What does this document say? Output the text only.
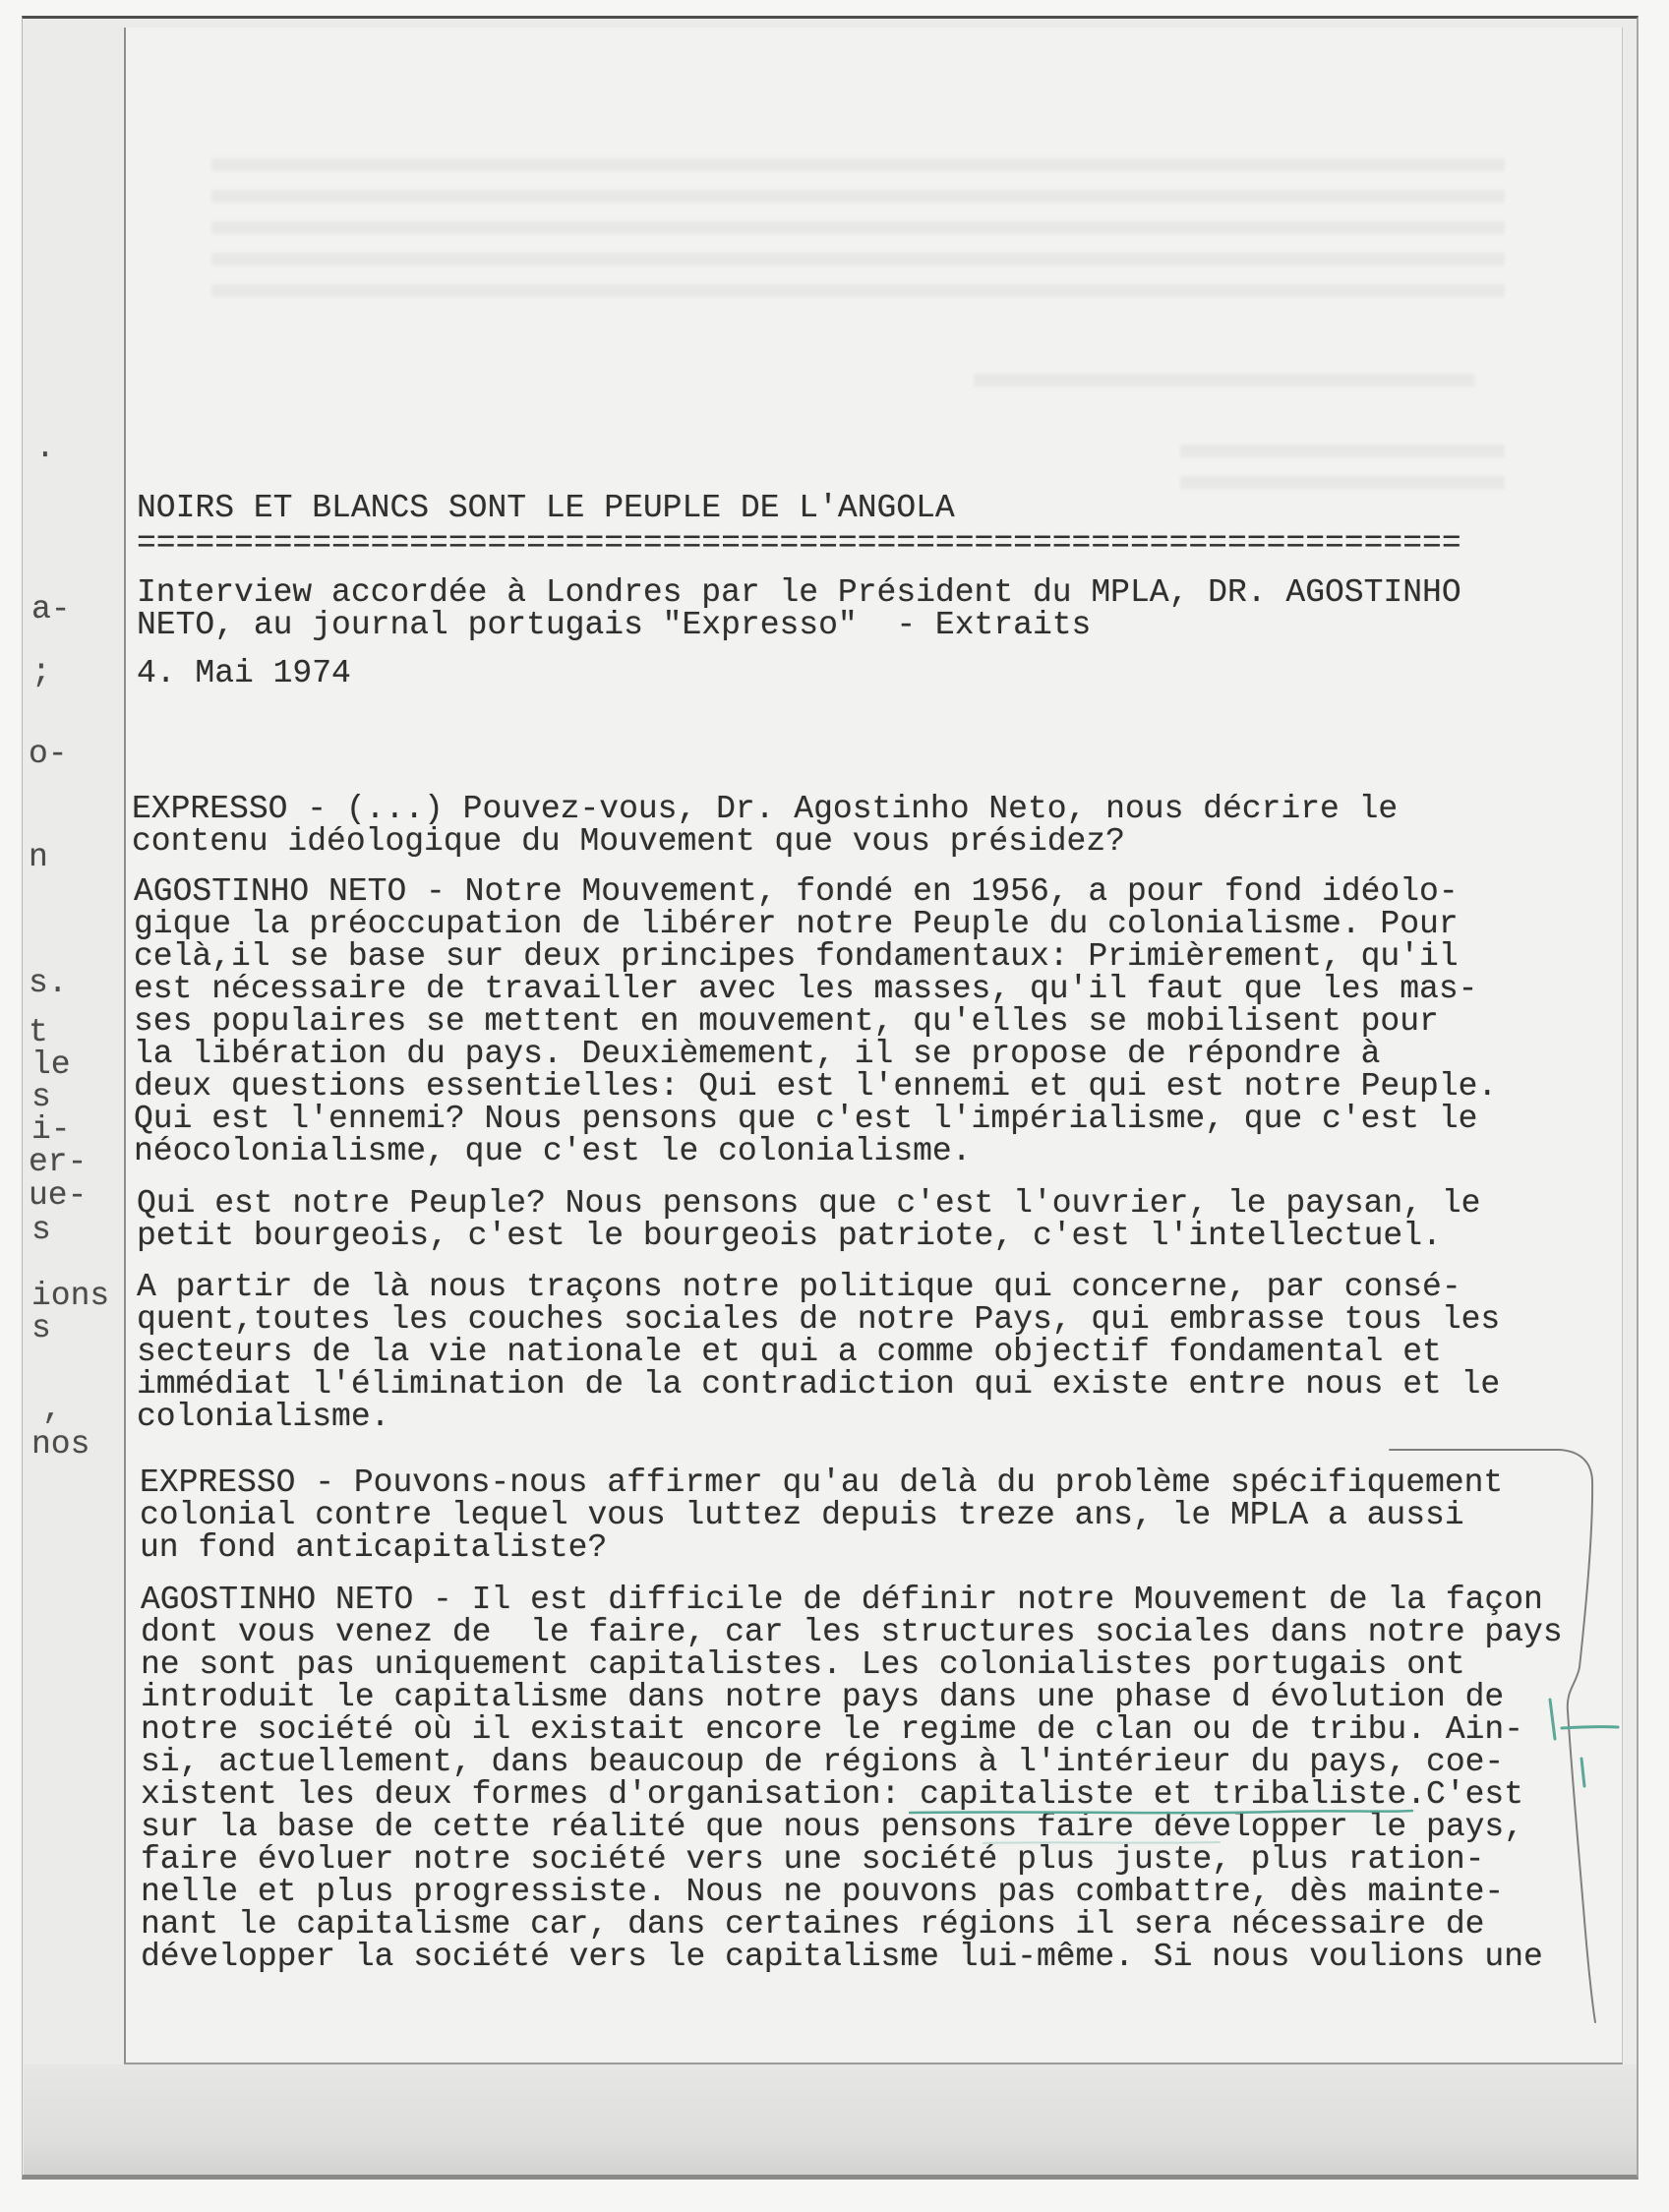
.
a-
;
o-
n
s.
t
le
s
i-
er-
ue-
s
ions
s
,
nos
NOIRS ET BLANCS SONT LE PEUPLE DE L'ANGOLA
====================================================================
Interview accordée à Londres par le Président du MPLA, DR. AGOSTINHO
NETO, au journal portugais "Expresso"  - Extraits
4. Mai 1974
EXPRESSO - (...) Pouvez-vous, Dr. Agostinho Neto, nous décrire le
contenu idéologique du Mouvement que vous présidez?
AGOSTINHO NETO - Notre Mouvement, fondé en 1956, a pour fond idéolo-
gique la préoccupation de libérer notre Peuple du colonialisme. Pour
celà,il se base sur deux principes fondamentaux: Primièrement, qu'il
est nécessaire de travailler avec les masses, qu'il faut que les mas-
ses populaires se mettent en mouvement, qu'elles se mobilisent pour
la libération du pays. Deuxièmement, il se propose de répondre à
deux questions essentielles: Qui est l'ennemi et qui est notre Peuple.
Qui est l'ennemi? Nous pensons que c'est l'impérialisme, que c'est le
néocolonialisme, que c'est le colonialisme.
Qui est notre Peuple? Nous pensons que c'est l'ouvrier, le paysan, le
petit bourgeois, c'est le bourgeois patriote, c'est l'intellectuel.
A partir de là nous traçons notre politique qui concerne, par consé-
quent,toutes les couches sociales de notre Pays, qui embrasse tous les
secteurs de la vie nationale et qui a comme objectif fondamental et
immédiat l'élimination de la contradiction qui existe entre nous et le
colonialisme.
EXPRESSO - Pouvons-nous affirmer qu'au delà du problème spécifiquement
colonial contre lequel vous luttez depuis treze ans, le MPLA a aussi
un fond anticapitaliste?
AGOSTINHO NETO - Il est difficile de définir notre Mouvement de la façon
dont vous venez de  le faire, car les structures sociales dans notre pays
ne sont pas uniquement capitalistes. Les colonialistes portugais ont
introduit le capitalisme dans notre pays dans une phase d évolution de
notre société où il existait encore le regime de clan ou de tribu. Ain-
si, actuellement, dans beaucoup de régions à l'intérieur du pays, coe-
xistent les deux formes d'organisation: capitaliste et tribaliste.C'est
sur la base de cette réalité que nous pensons faire développer le pays,
faire évoluer notre société vers une société plus juste, plus ration-
nelle et plus progressiste. Nous ne pouvons pas combattre, dès mainte-
nant le capitalisme car, dans certaines régions il sera nécessaire de
développer la société vers le capitalisme lui-même. Si nous voulions une
